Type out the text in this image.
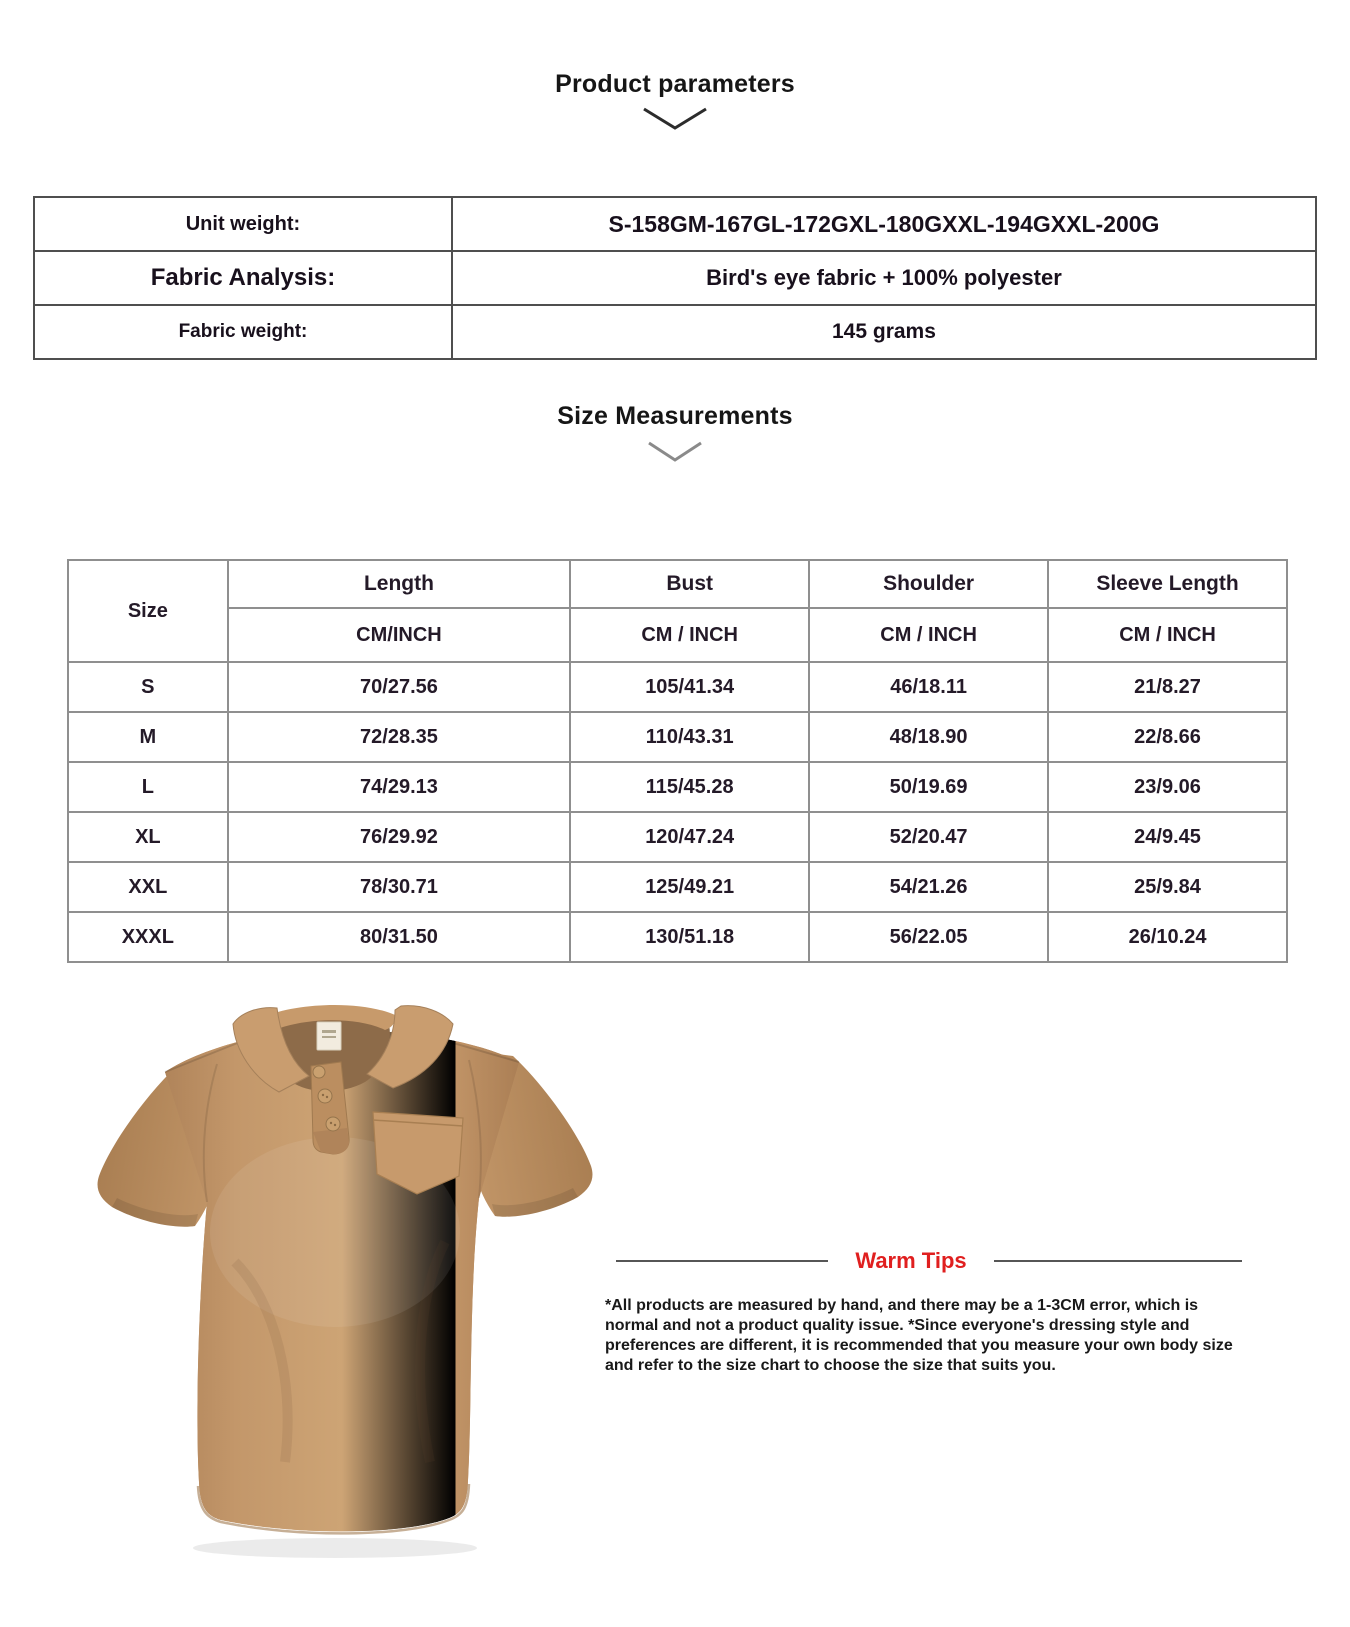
Product parameters
Unit weight:	S-158GM-167GL-172GXL-180GXXL-194GXXL-200G
Fabric Analysis:	Bird's eye fabric + 100% polyester
Fabric weight:	145 grams
Size Measurements
Size	Length	Bust	Shoulder	Sleeve Length
	CM/INCH	CM / INCH	CM / INCH	CM / INCH
S	70/27.56	105/41.34	46/18.11	21/8.27
M	72/28.35	110/43.31	48/18.90	22/8.66
L	74/29.13	115/45.28	50/19.69	23/9.06
XL	76/29.92	120/47.24	52/20.47	24/9.45
XXL	78/30.71	125/49.21	54/21.26	25/9.84
XXXL	80/31.50	130/51.18	56/22.05	26/10.24
Warm Tips
*All products are measured by hand, and there may be a 1-3CM error, which is normal and not a product quality issue. *Since everyone's dressing style and preferences are different, it is recommended that you measure your own body size and refer to the size chart to choose the size that suits you.
